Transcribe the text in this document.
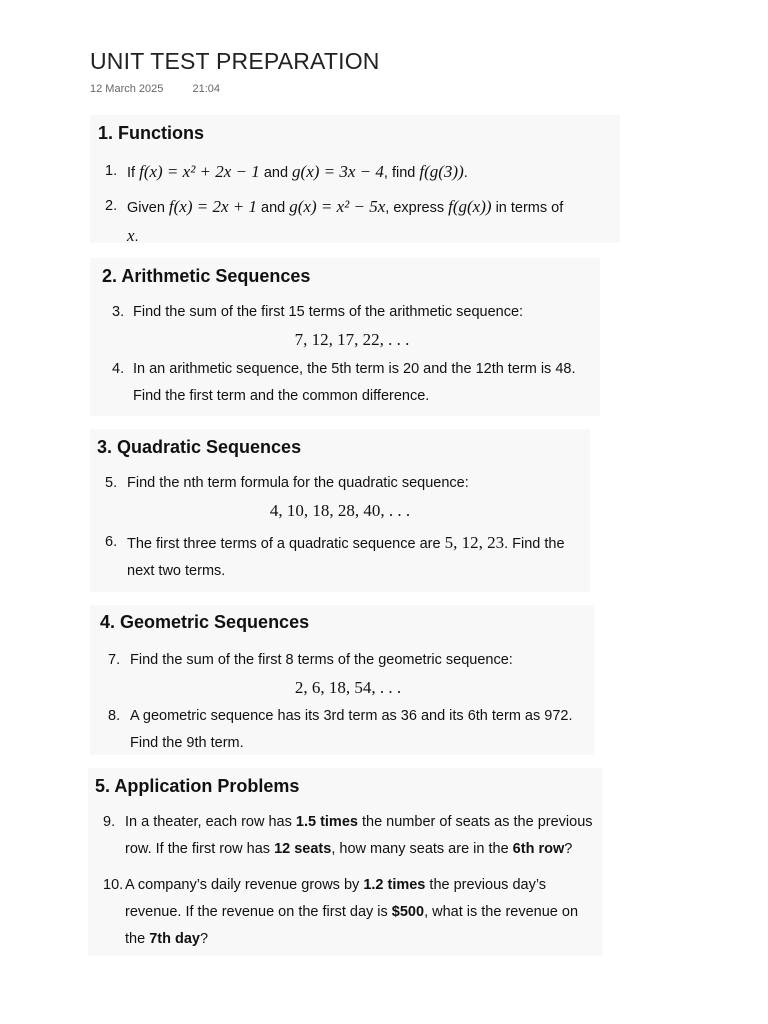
UNIT TEST PREPARATION
12 March 2025	21:04
1. Functions
1. If f(x) = x² + 2x − 1 and g(x) = 3x − 4, find f(g(3)).
2. Given f(x) = 2x + 1 and g(x) = x² − 5x, express f(g(x)) in terms of x.
2. Arithmetic Sequences
3. Find the sum of the first 15 terms of the arithmetic sequence:
7, 12, 17, 22, . . .
4. In an arithmetic sequence, the 5th term is 20 and the 12th term is 48. Find the first term and the common difference.
3. Quadratic Sequences
5. Find the nth term formula for the quadratic sequence:
4, 10, 18, 28, 40, . . .
6. The first three terms of a quadratic sequence are 5, 12, 23. Find the next two terms.
4. Geometric Sequences
7. Find the sum of the first 8 terms of the geometric sequence:
2, 6, 18, 54, . . .
8. A geometric sequence has its 3rd term as 36 and its 6th term as 972. Find the 9th term.
5. Application Problems
9. In a theater, each row has 1.5 times the number of seats as the previous row. If the first row has 12 seats, how many seats are in the 6th row?
10. A company’s daily revenue grows by 1.2 times the previous day’s revenue. If the revenue on the first day is $500, what is the revenue on the 7th day?
